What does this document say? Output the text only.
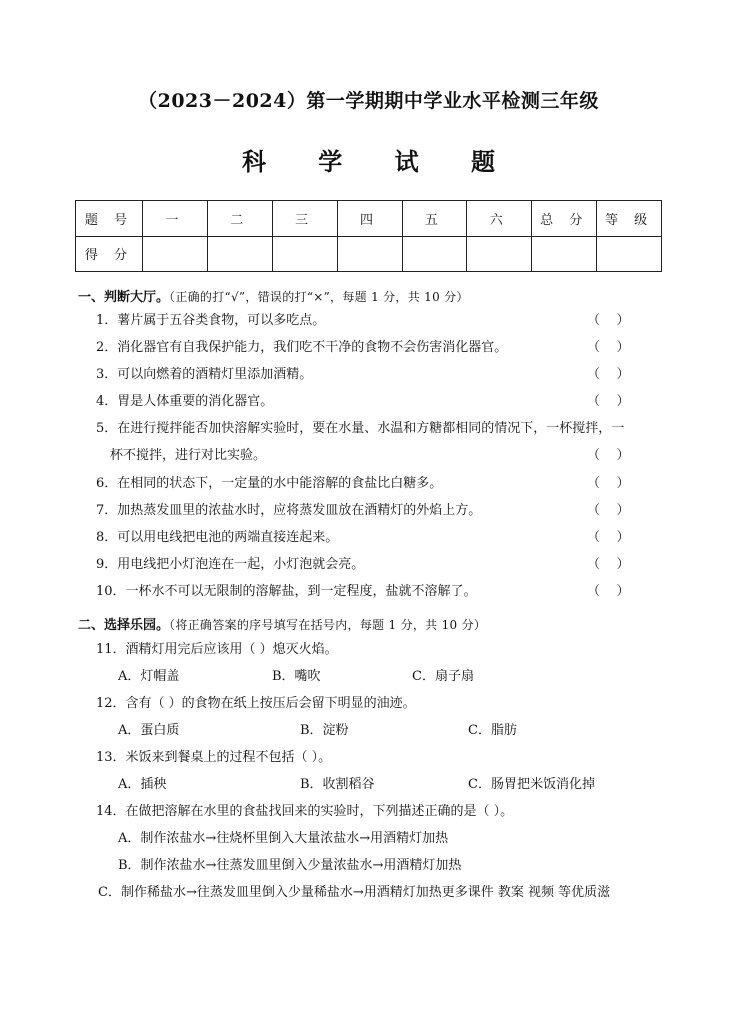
（2023－2024）第一学期期中学业水平检测三年级
科 学 试 题
题 号	一	二	三	四	五	六	总 分	等 级
得 分								
一、判断大厅。（正确的打“√”，错误的打“×”，每题 1 分，共 10 分）
1．薯片属于五谷类食物，可以多吃点。	（    ）
2．消化器官有自我保护能力，我们吃不干净的食物不会伤害消化器官。	（    ）
3．可以向燃着的酒精灯里添加酒精。	（    ）
4．胃是人体重要的消化器官。	（    ）
5．在进行搅拌能否加快溶解实验时，要在水量、水温和方糖都相同的情况下，一杯搅拌，一
杯不搅拌，进行对比实验。	（    ）
6．在相同的状态下，一定量的水中能溶解的食盐比白糖多。	（    ）
7．加热蒸发皿里的浓盐水时，应将蒸发皿放在酒精灯的外焰上方。	（    ）
8．可以用电线把电池的两端直接连起来。	（    ）
9．用电线把小灯泡连在一起，小灯泡就会亮。	（    ）
10．一杯水不可以无限制的溶解盐，到一定程度，盐就不溶解了。	（    ）
二、选择乐园。（将正确答案的序号填写在括号内，每题 1 分，共 10 分）
11．酒精灯用完后应该用（ ）熄灭火焰。
A．灯帽盖	B．嘴吹	C．扇子扇
12．含有（ ）的食物在纸上按压后会留下明显的油迹。
A．蛋白质	B．淀粉	C．脂肪
13．米饭来到餐桌上的过程不包括（ ）。
A．插秧	B．收割稻谷	C．肠胃把米饭消化掉
14．在做把溶解在水里的食盐找回来的实验时，下列描述正确的是（ ）。
A．制作浓盐水→往烧杯里倒入大量浓盐水→用酒精灯加热
B．制作浓盐水→往蒸发皿里倒入少量浓盐水→用酒精灯加热
C．制作稀盐水→往蒸发皿里倒入少量稀盐水→用酒精灯加热更多课件 教案 视频 等优质滋
